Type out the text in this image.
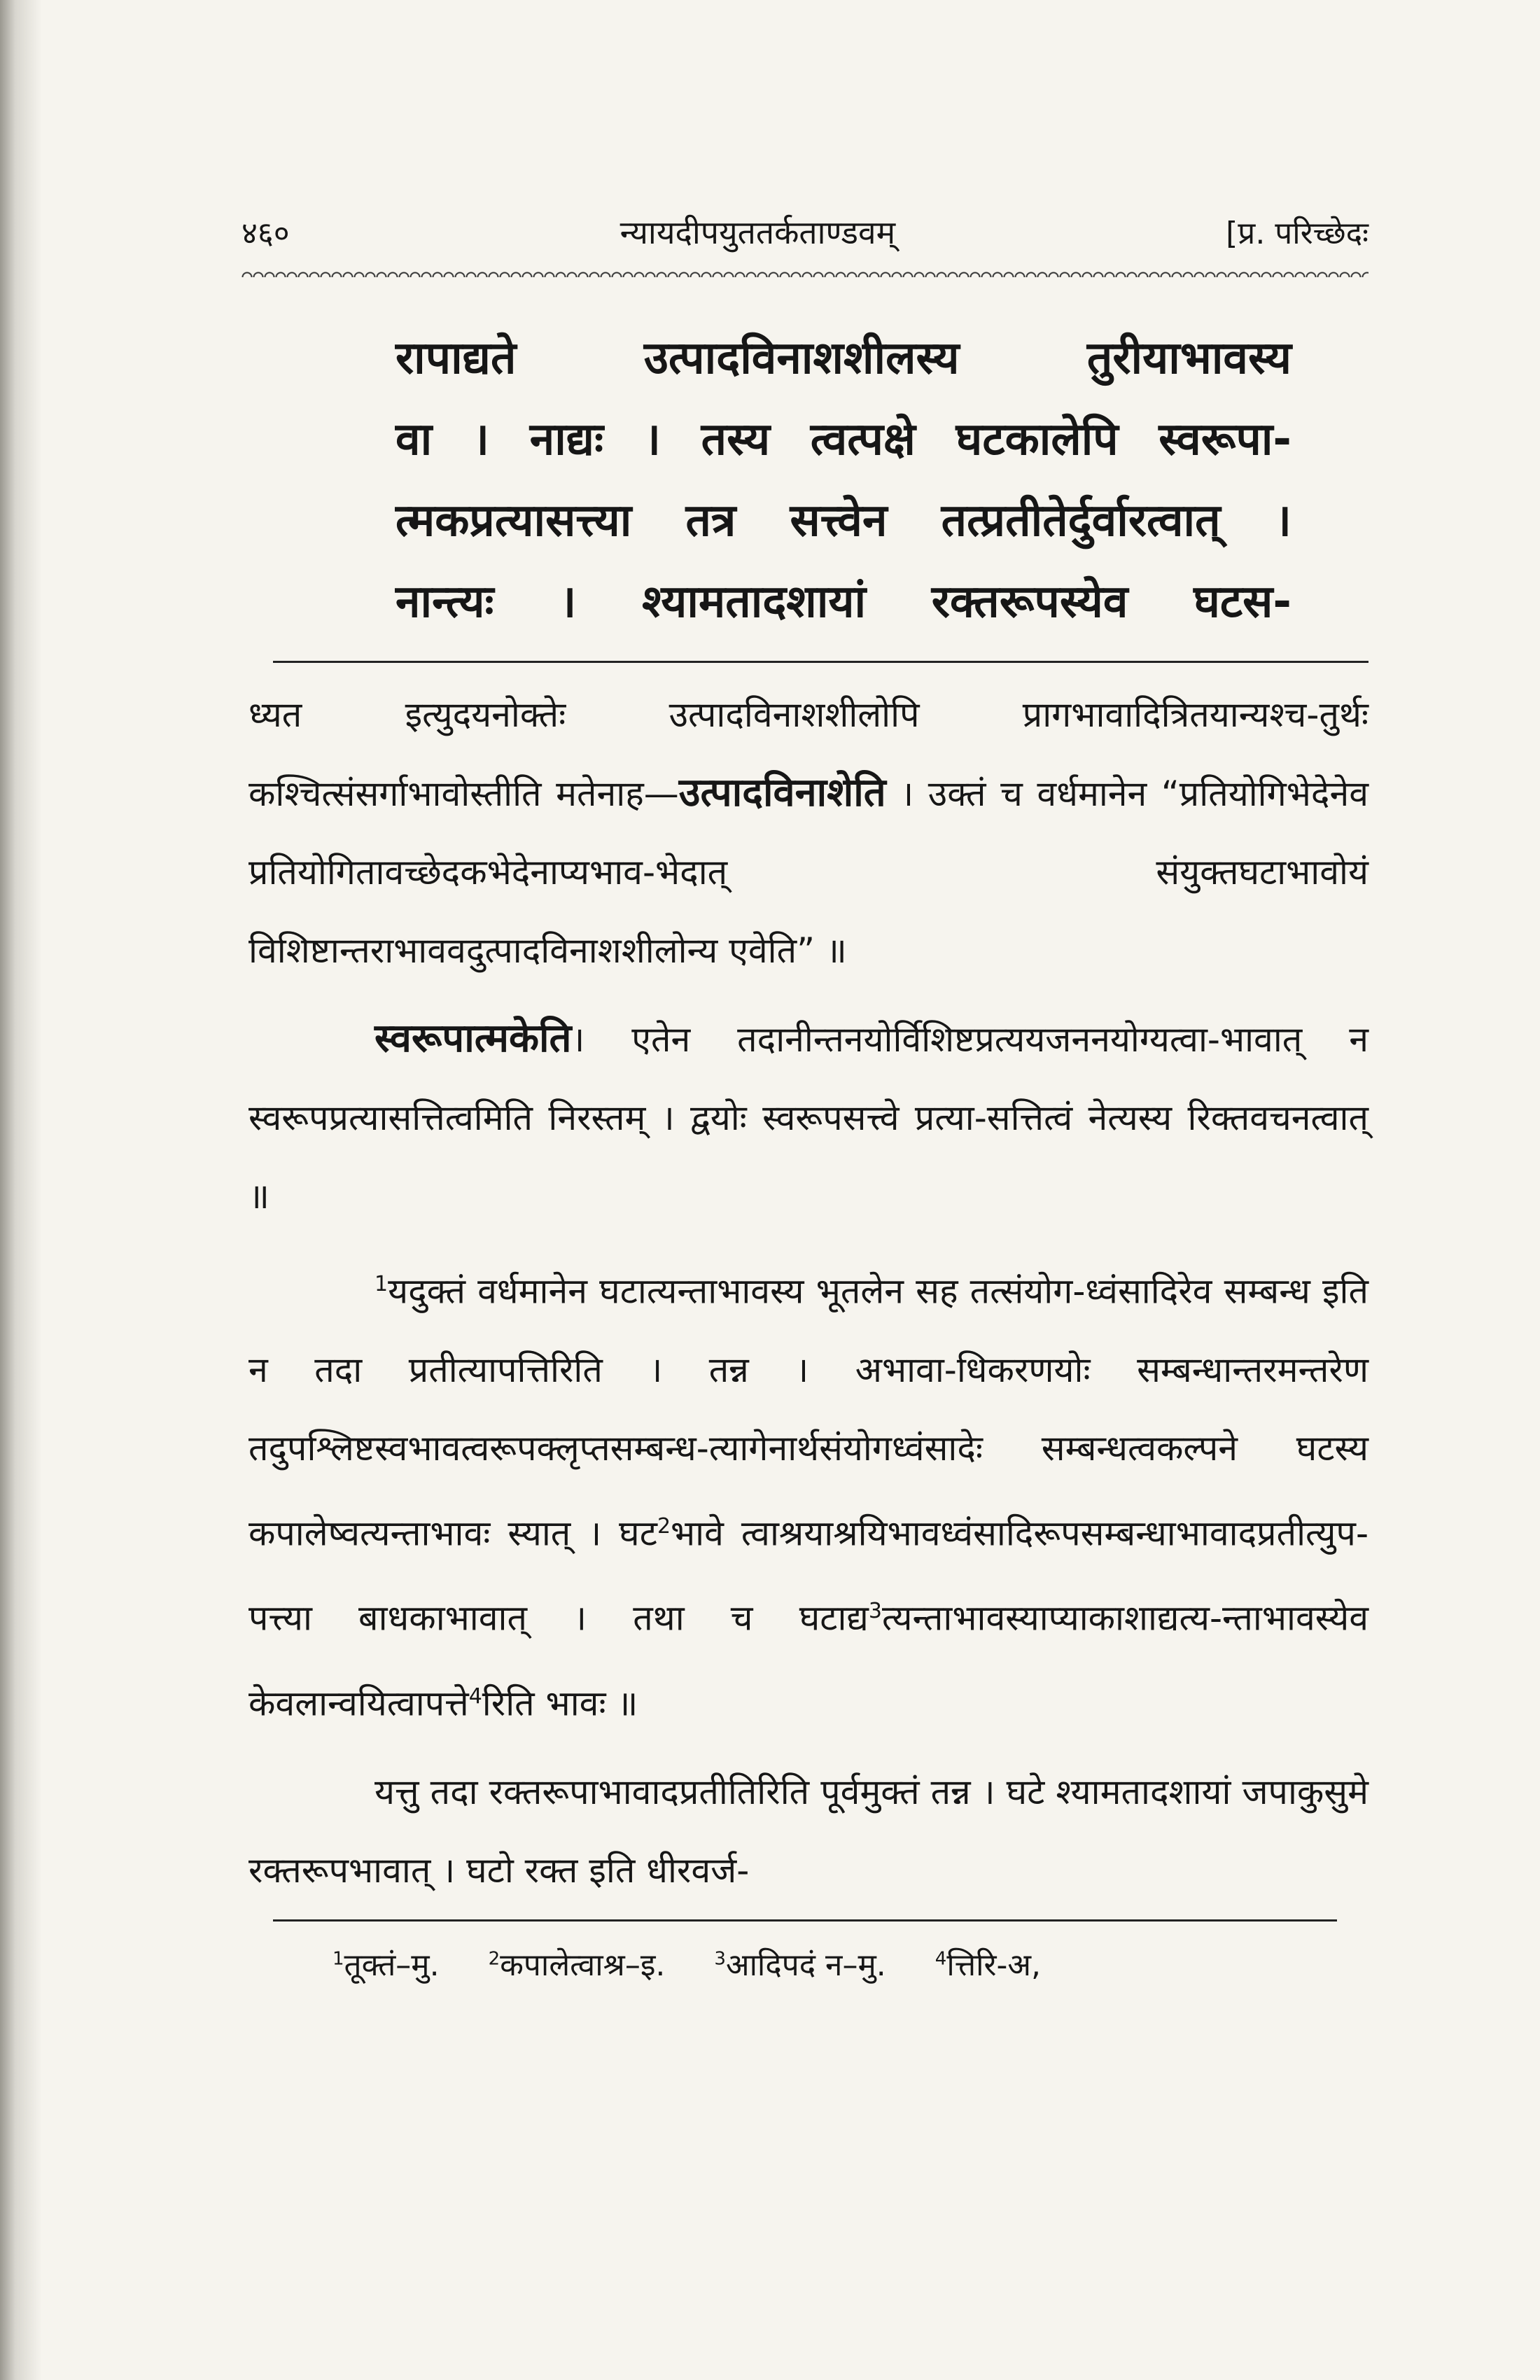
४६०	न्यायदीपयुततर्कताण्डवम्	[प्र. परिच्छेदः
रापाद्यते उत्पादविनाशशीलस्य तुरीयाभावस्य
वा । नाद्यः । तस्य त्वत्पक्षे घटकालेपि स्वरूपा-
त्मकप्रत्यासत्त्या तत्र सत्त्वेन तत्प्रतीतेर्दुर्वारत्वात् ।
नान्त्यः । श्यामतादशायां रक्तरूपस्येव घटस-

ध्यत इत्युदयनोक्तेः उत्पादविनाशशीलोपि प्रागभावादित्रितयान्यश्च-तुर्थः कश्चित्संसर्गाभावोस्तीति मतेनाह—उत्पादविनाशेति । उक्तं च वर्धमानेन “प्रतियोगिभेदेनेव प्रतियोगितावच्छेदकभेदेनाप्यभाव-भेदात् संयुक्तघटाभावोयं विशिष्टान्तराभाववदुत्पादविनाशशीलोन्य एवेति” ॥

स्वरूपात्मकेति। एतेन तदानीन्तनयोर्विशिष्टप्रत्ययजननयोग्यत्वा-भावात् न स्वरूपप्रत्यासत्तित्वमिति निरस्तम् । द्वयोः स्वरूपसत्त्वे प्रत्या-सत्तित्वं नेत्यस्य रिक्तवचनत्वात् ॥

$^1$यदुक्तं वर्धमानेन घटात्यन्ताभावस्य भूतलेन सह तत्संयोग-ध्वंसादिरेव सम्बन्ध इति न तदा प्रतीत्यापत्तिरिति । तन्न । अभावा-धिकरणयोः सम्बन्धान्तरमन्तरेण तदुपश्लिष्टस्वभावत्वरूपक्लृप्तसम्बन्ध-त्यागेनार्थसंयोगध्वंसादेः सम्बन्धत्वकल्पने घटस्य कपालेष्वत्यन्ताभावः स्यात् । घट$^2$भावे त्वाश्रयाश्रयिभावध्वंसादिरूपसम्बन्धाभावादप्रतीत्युप-पत्त्या बाधकाभावात् । तथा च घटाद्य$^3$त्यन्ताभावस्याप्याकाशाद्यत्य-न्ताभावस्येव केवलान्वयित्वापत्ते$^4$रिति भावः ॥

यत्तु तदा रक्तरूपाभावादप्रतीतिरिति पूर्वमुक्तं तन्न । घटे श्यामतादशायां जपाकुसुमे रक्तरूपभावात् । घटो रक्त इति धीरवर्ज-

$^1$तूक्तं–मु.	$^2$कपालेत्वाश्र–इ.	$^3$आदिपदं न–मु.	$^4$त्तिरि-अ,
